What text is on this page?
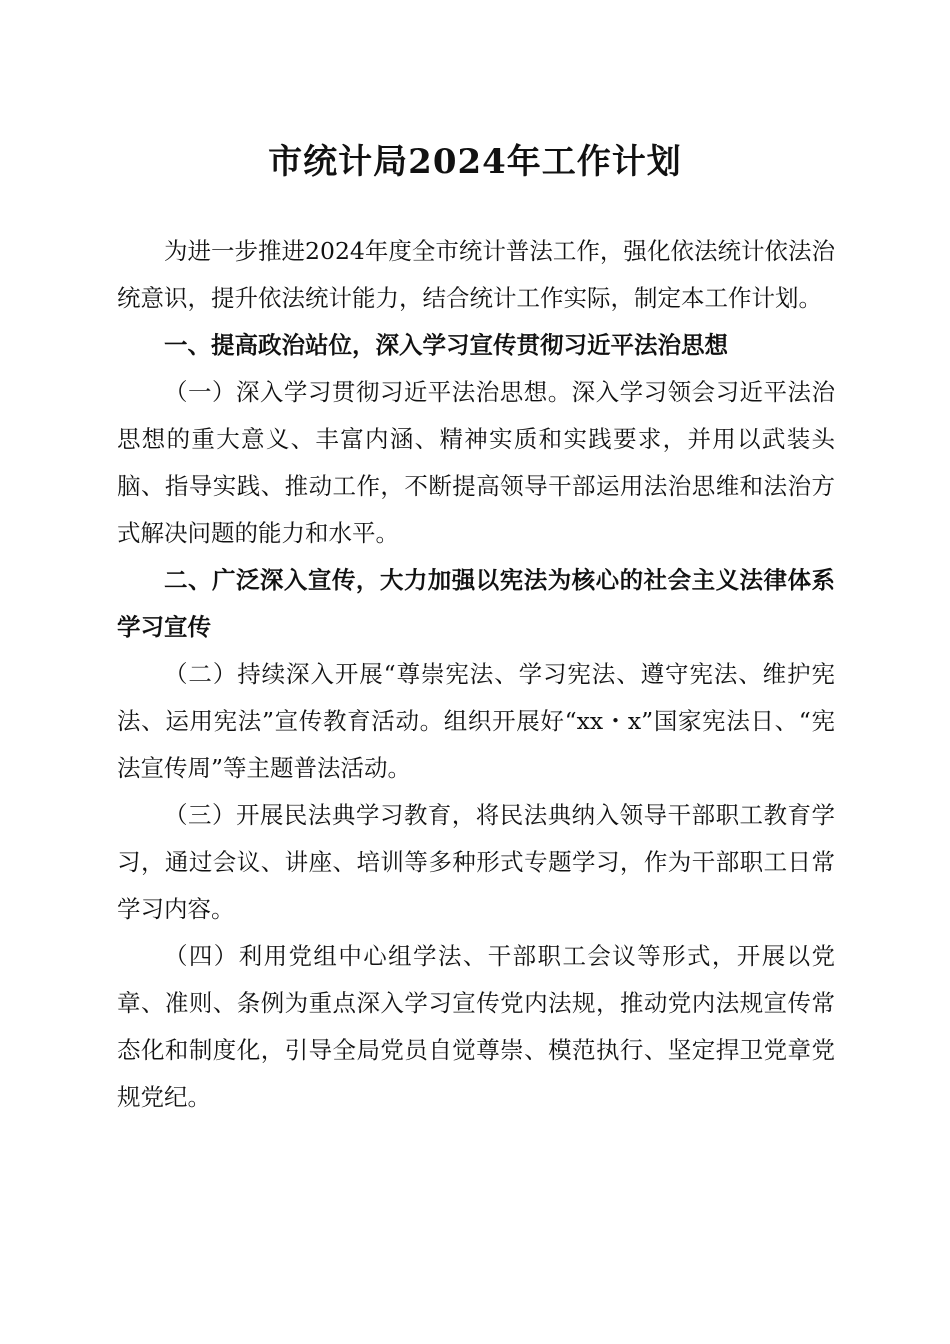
市统计局2024年工作计划

为进一步推进2024年度全市统计普法工作，强化依法统计依法治统意识，提升依法统计能力，结合统计工作实际，制定本工作计划。

一、提高政治站位，深入学习宣传贯彻习近平法治思想

（一）深入学习贯彻习近平法治思想。深入学习领会习近平法治思想的重大意义、丰富内涵、精神实质和实践要求，并用以武装头脑、指导实践、推动工作，不断提高领导干部运用法治思维和法治方式解决问题的能力和水平。

二、广泛深入宣传，大力加强以宪法为核心的社会主义法律体系学习宣传

（二）持续深入开展“尊崇宪法、学习宪法、遵守宪法、维护宪法、运用宪法”宣传教育活动。组织开展好“xx・x”国家宪法日、“宪法宣传周”等主题普法活动。

（三）开展民法典学习教育，将民法典纳入领导干部职工教育学习，通过会议、讲座、培训等多种形式专题学习，作为干部职工日常学习内容。

（四）利用党组中心组学法、干部职工会议等形式，开展以党章、准则、条例为重点深入学习宣传党内法规，推动党内法规宣传常态化和制度化，引导全局党员自觉尊崇、模范执行、坚定捍卫党章党规党纪。
